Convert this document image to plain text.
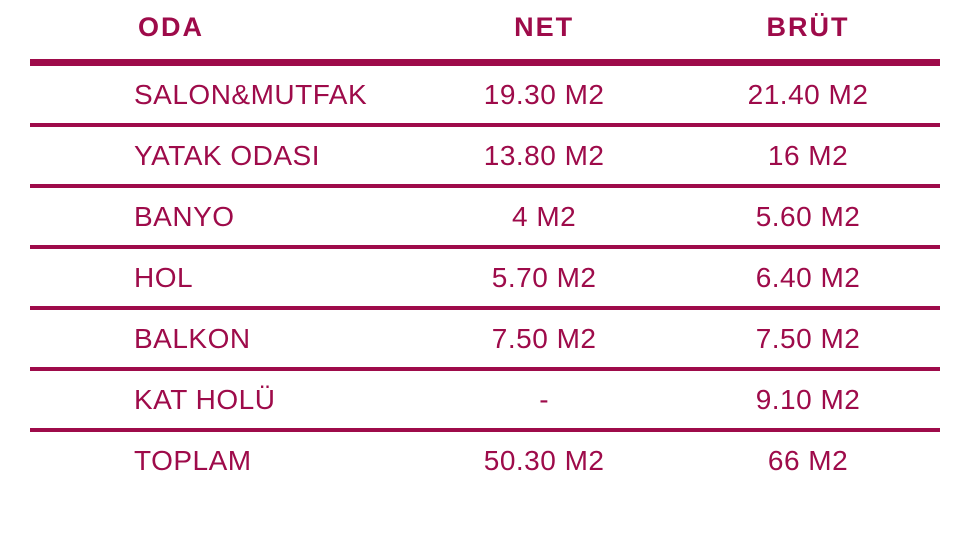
ODA	NET	BRÜT
SALON&MUTFAK	19.30 M2	21.40 M2
YATAK ODASI	13.80 M2	16 M2
BANYO	4 M2	5.60 M2
HOL	5.70 M2	6.40 M2
BALKON	7.50 M2	7.50 M2
KAT HOLÜ	-	9.10 M2
TOPLAM	50.30 M2	66 M2
